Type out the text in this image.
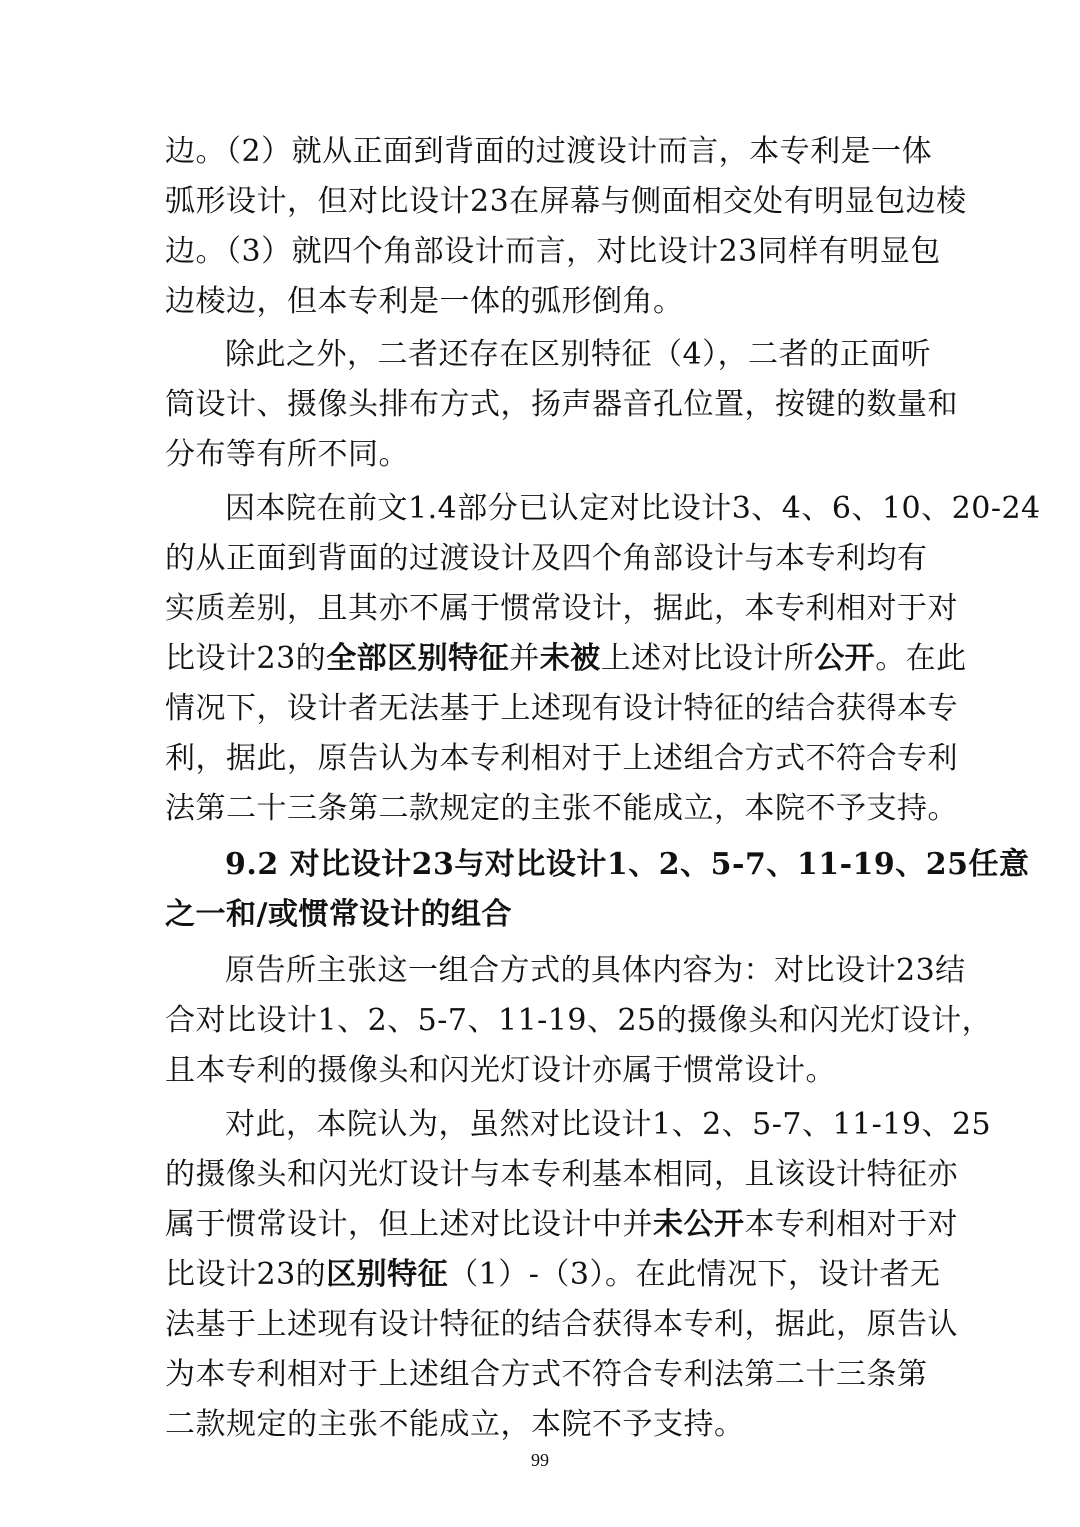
边。（2）就从正面到背面的过渡设计而言，本专利是一体
弧形设计，但对比设计23在屏幕与侧面相交处有明显包边棱
边。（3）就四个角部设计而言，对比设计23同样有明显包
边棱边，但本专利是一体的弧形倒角。
除此之外，二者还存在区别特征（4），二者的正面听
筒设计、摄像头排布方式，扬声器音孔位置，按键的数量和
分布等有所不同。
因本院在前文1.4部分已认定对比设计3、4、6、10、20-24
的从正面到背面的过渡设计及四个角部设计与本专利均有
实质差别，且其亦不属于惯常设计，据此，本专利相对于对
比设计23的全部区别特征并未被上述对比设计所公开。在此
情况下，设计者无法基于上述现有设计特征的结合获得本专
利，据此，原告认为本专利相对于上述组合方式不符合专利
法第二十三条第二款规定的主张不能成立，本院不予支持。
9.2 对比设计23与对比设计1、2、5-7、11-19、25任意
之一和/或惯常设计的组合
原告所主张这一组合方式的具体内容为：对比设计23结
合对比设计1、2、5-7、11-19、25的摄像头和闪光灯设计，
且本专利的摄像头和闪光灯设计亦属于惯常设计。
对此，本院认为，虽然对比设计1、2、5-7、11-19、25
的摄像头和闪光灯设计与本专利基本相同，且该设计特征亦
属于惯常设计，但上述对比设计中并未公开本专利相对于对
比设计23的区别特征（1）-（3）。在此情况下，设计者无
法基于上述现有设计特征的结合获得本专利，据此，原告认
为本专利相对于上述组合方式不符合专利法第二十三条第
二款规定的主张不能成立，本院不予支持。
99
